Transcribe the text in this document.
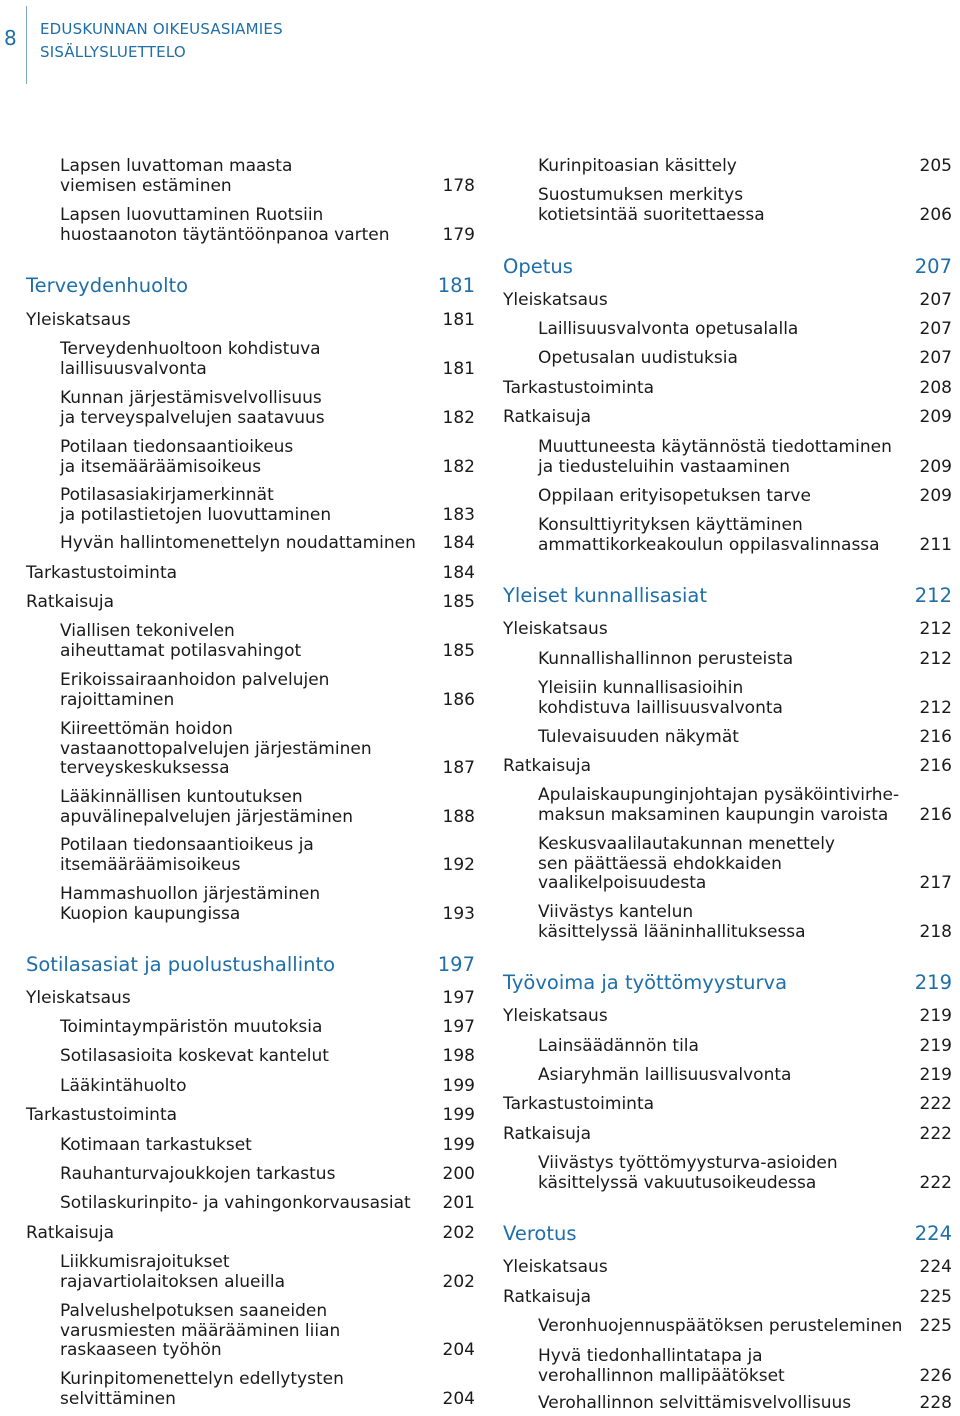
8 EDUSKUNNAN OIKEUSASIAMIES
SISÄLLYSLUETTELO
Lapsen luvattoman maasta
viemisen estäminen	178
Lapsen luovuttaminen Ruotsiin
huostaanoton täytäntöönpanoa varten	179
Terveydenhuolto	181
Yleiskatsaus	181
Terveydenhuoltoon kohdistuva
laillisuusvalvonta	181
Kunnan järjestämisvelvollisuus
ja terveyspalvelujen saatavuus	182
Potilaan tiedonsaantioikeus
ja itsemääräämisoikeus	182
Potilasasiakirjamerkinnät
ja potilastietojen luovuttaminen	183
Hyvän hallintomenettelyn noudattaminen 184
Tarkastustoiminta	184
Ratkaisuja	185
Viallisen tekonivelen
aiheuttamat potilasvahingot	185
Erikoissairaanhoidon palvelujen
rajoittaminen	186
Kiireettömän hoidon
vastaanottopalvelujen järjestäminen
terveyskeskuksessa	187
Lääkinnällisen kuntoutuksen
apuvälinepalvelujen järjestäminen	188
Potilaan tiedonsaantioikeus ja
itsemääräämisoikeus	192
Hammashuollon järjestäminen
Kuopion kaupungissa	193
Sotilasasiat ja puolustushallinto	197
Yleiskatsaus	197
Toimintaympäristön muutoksia	197
Sotilasasioita koskevat kantelut	198
Lääkintähuolto	199
Tarkastustoiminta	199
Kotimaan tarkastukset	199
Rauhanturvajoukkojen tarkastus	200
Sotilaskurinpito- ja vahingonkorvausasiat 201
Ratkaisuja	202
Liikkumisrajoitukset
rajavartiolaitoksen alueilla	202
Palvelushelpotuksen saaneiden
varusmiesten määrääminen liian
raskaaseen työhön	204
Kurinpitomenettelyn edellytysten
selvittäminen	204
Kurinpitoasian käsittely	205
Suostumuksen merkitys
kotietsintää suoritettaessa	206
Opetus	207
Yleiskatsaus	207
Laillisuusvalvonta opetusalalla	207
Opetusalan uudistuksia	207
Tarkastustoiminta	208
Ratkaisuja	209
Muuttuneesta käytännöstä tiedottaminen
ja tiedusteluihin vastaaminen	209
Oppilaan erityisopetuksen tarve	209
Konsulttiyrityksen käyttäminen
ammattikorkeakoulun oppilasvalinnassa 211
Yleiset kunnallisasiat	212
Yleiskatsaus	212
Kunnallishallinnon perusteista	212
Yleisiin kunnallisasioihin
kohdistuva laillisuusvalvonta	212
Tulevaisuuden näkymät	216
Ratkaisuja	216
Apulaiskaupunginjohtajan pysäköintivirhe-
maksun maksaminen kaupungin varoista	216
Keskusvaalilautakunnan menettely
sen päättäessä ehdokkaiden
vaalikelpoisuudesta	217
Viivästys kantelun
käsittelyssä lääninhallituksessa	218
Työvoima ja työttömyysturva	219
Yleiskatsaus	219
Lainsäädännön tila	219
Asiaryhmän laillisuusvalvonta	219
Tarkastustoiminta	222
Ratkaisuja	222
Viivästys työttömyysturva-asioiden
käsittelyssä vakuutusoikeudessa	222
Verotus	224
Yleiskatsaus	224
Ratkaisuja	225
Veronhuojennuspäätöksen perusteleminen 225
Hyvä tiedonhallintatapa ja
verohallinnon mallipäätökset	226
Verohallinnon selvittämisvelvollisuus	228
